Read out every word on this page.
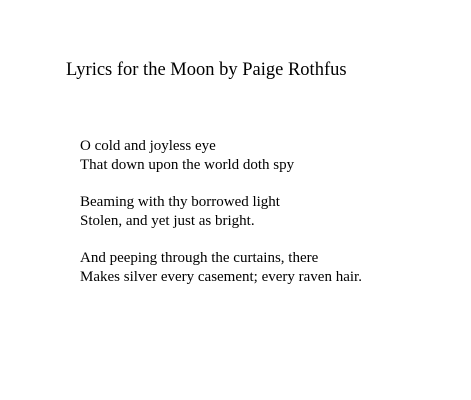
Lyrics for the Moon by Paige Rothfus
O cold and joyless eye
That down upon the world doth spy
Beaming with thy borrowed light
Stolen, and yet just as bright.
And peeping through the curtains, there
Makes silver every casement; every raven hair.
